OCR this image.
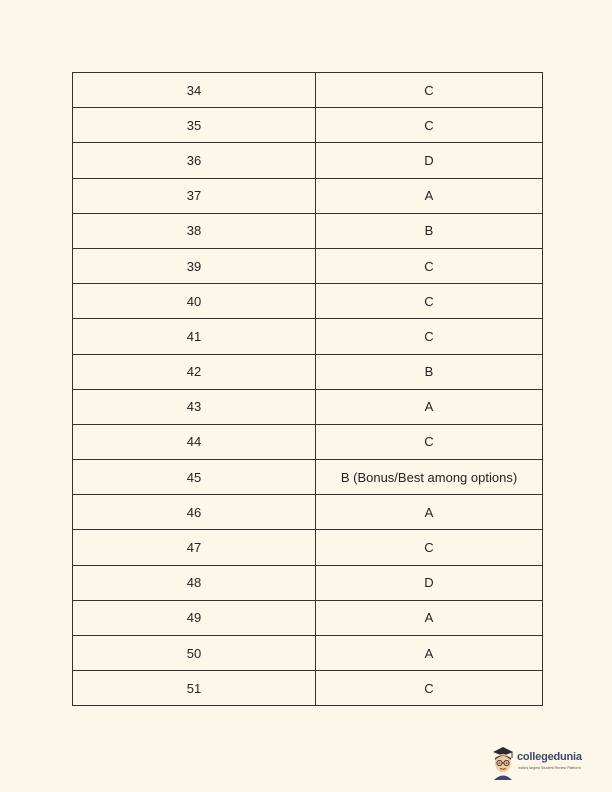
34	C
35	C
36	D
37	A
38	B
39	C
40	C
41	C
42	B
43	A
44	C
45	B (Bonus/Best among options)
46	A
47	C
48	D
49	A
50	A
51	C
collegedunia
India's largest Student Review Platform
